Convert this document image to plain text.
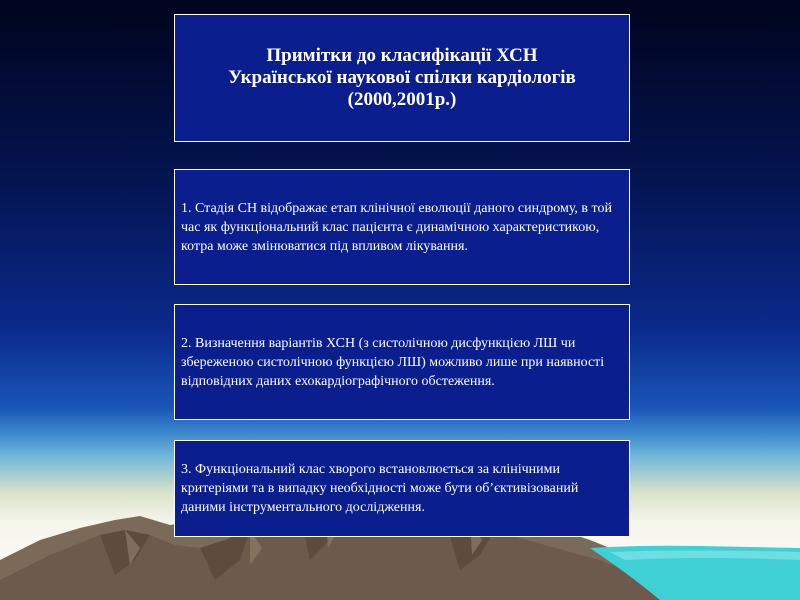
Примітки до класифікації ХСН
Української наукової спілки кардіологів
(2000,2001р.)

1. Стадія СН відображає етап клінічної еволюції даного синдрому, в той час як функціональний клас пацієнта є динамічною характеристикою, котра може змінюватися під впливом лікування.

2. Визначення варіантів ХСН (з систолічною дисфункцією ЛШ чи збереженою систолічною функцією ЛШ) можливо лише при наявності відповідних даних ехокардіографічного обстеження.

3. Функціональний клас хворого встановлюється за клінічними критеріями та в випадку необхідності може бути об’єктивізований даними інструментального дослідження.
